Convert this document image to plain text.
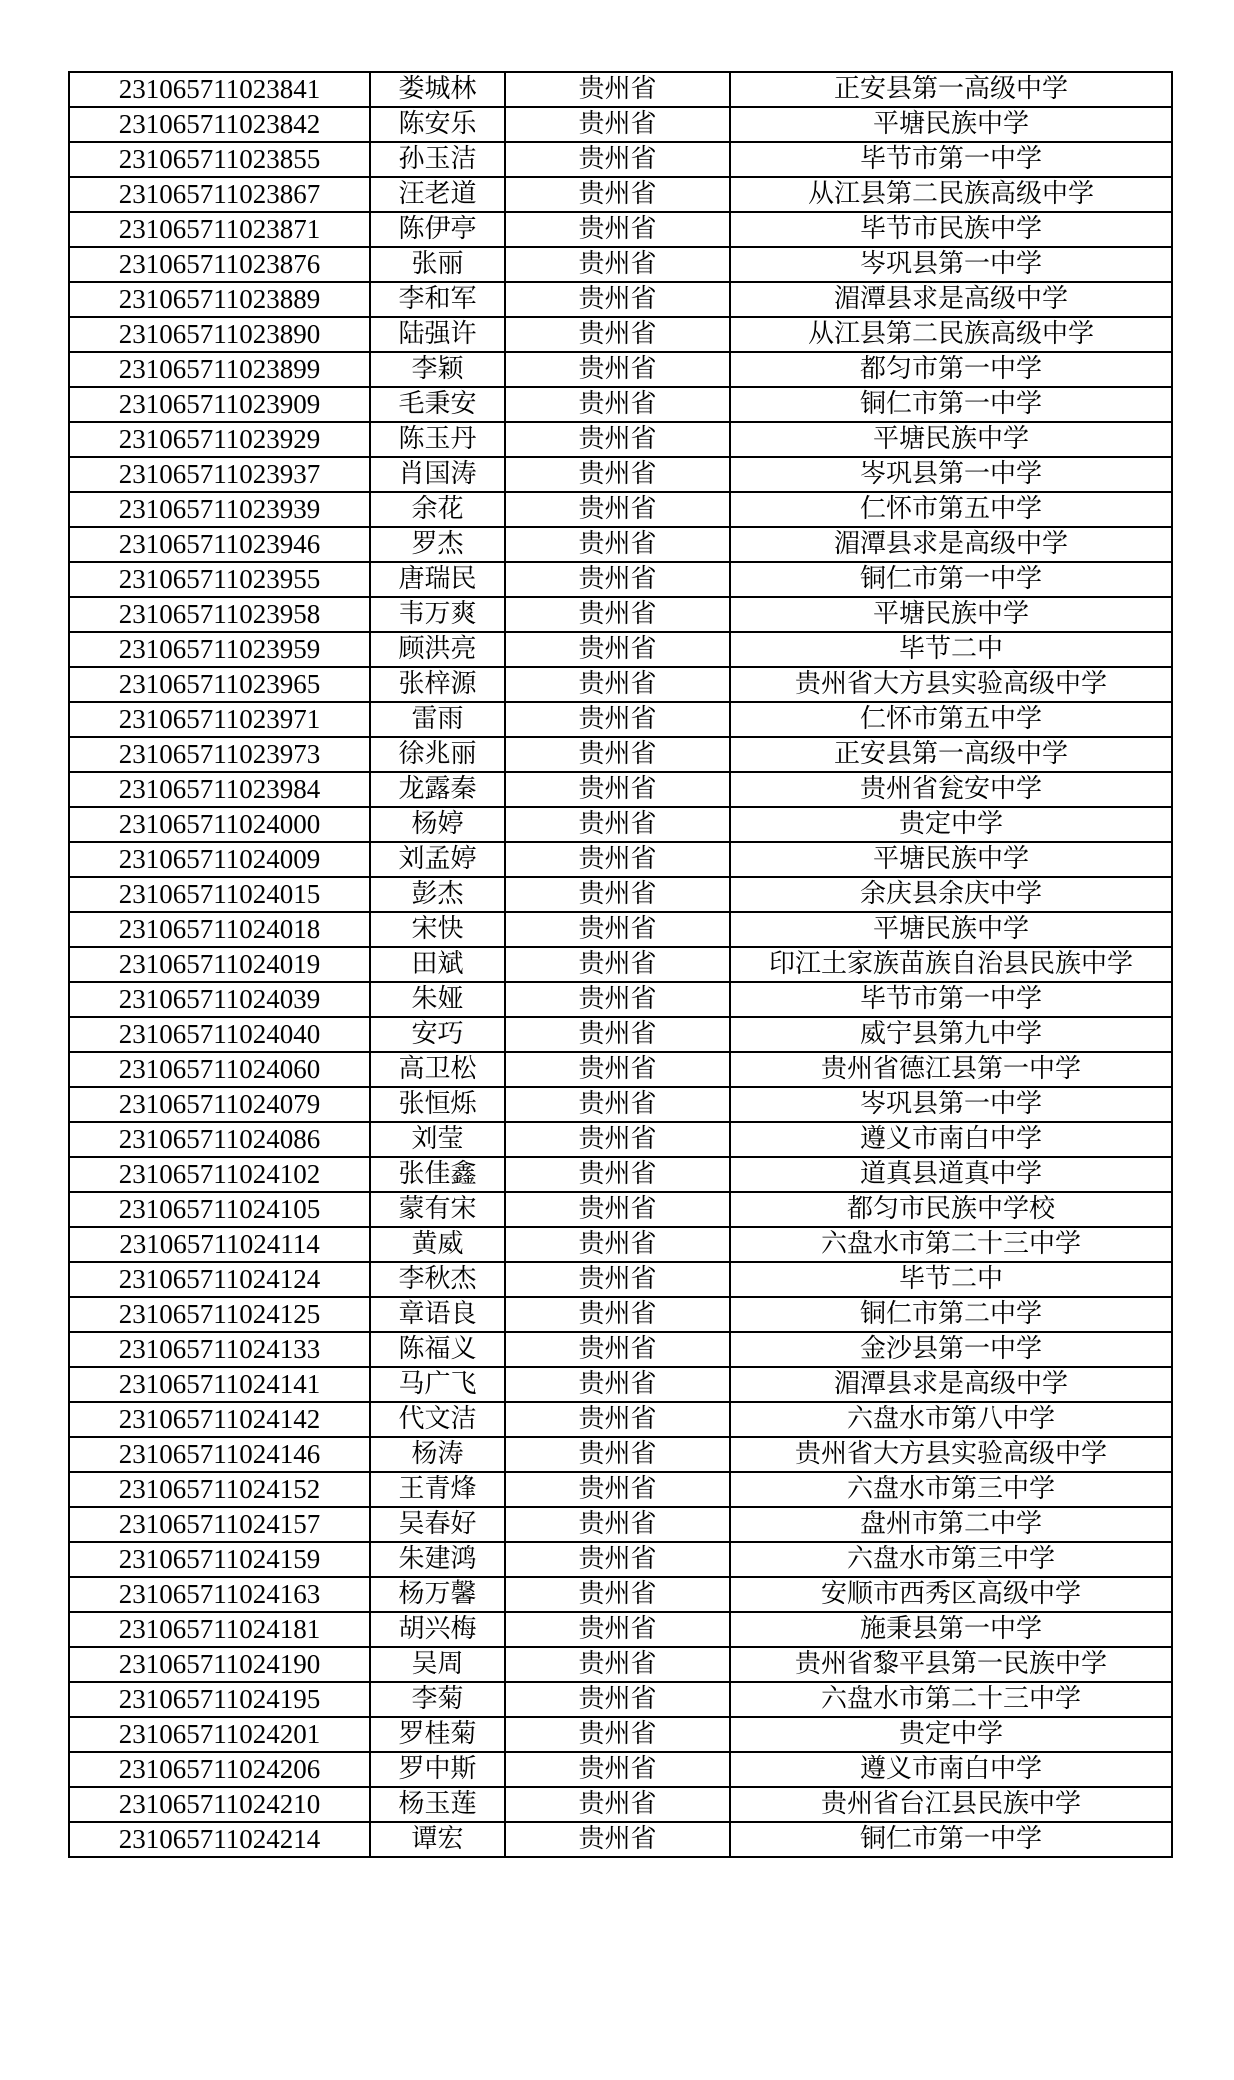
231065711023841	娄城林	贵州省	正安县第一高级中学
231065711023842	陈安乐	贵州省	平塘民族中学
231065711023855	孙玉洁	贵州省	毕节市第一中学
231065711023867	汪老道	贵州省	从江县第二民族高级中学
231065711023871	陈伊亭	贵州省	毕节市民族中学
231065711023876	张丽	贵州省	岑巩县第一中学
231065711023889	李和军	贵州省	湄潭县求是高级中学
231065711023890	陆强许	贵州省	从江县第二民族高级中学
231065711023899	李颖	贵州省	都匀市第一中学
231065711023909	毛秉安	贵州省	铜仁市第一中学
231065711023929	陈玉丹	贵州省	平塘民族中学
231065711023937	肖国涛	贵州省	岑巩县第一中学
231065711023939	余花	贵州省	仁怀市第五中学
231065711023946	罗杰	贵州省	湄潭县求是高级中学
231065711023955	唐瑞民	贵州省	铜仁市第一中学
231065711023958	韦万爽	贵州省	平塘民族中学
231065711023959	顾洪亮	贵州省	毕节二中
231065711023965	张梓源	贵州省	贵州省大方县实验高级中学
231065711023971	雷雨	贵州省	仁怀市第五中学
231065711023973	徐兆丽	贵州省	正安县第一高级中学
231065711023984	龙露秦	贵州省	贵州省瓮安中学
231065711024000	杨婷	贵州省	贵定中学
231065711024009	刘孟婷	贵州省	平塘民族中学
231065711024015	彭杰	贵州省	余庆县余庆中学
231065711024018	宋快	贵州省	平塘民族中学
231065711024019	田斌	贵州省	印江土家族苗族自治县民族中学
231065711024039	朱娅	贵州省	毕节市第一中学
231065711024040	安巧	贵州省	威宁县第九中学
231065711024060	高卫松	贵州省	贵州省德江县第一中学
231065711024079	张恒烁	贵州省	岑巩县第一中学
231065711024086	刘莹	贵州省	遵义市南白中学
231065711024102	张佳鑫	贵州省	道真县道真中学
231065711024105	蒙有宋	贵州省	都匀市民族中学校
231065711024114	黄威	贵州省	六盘水市第二十三中学
231065711024124	李秋杰	贵州省	毕节二中
231065711024125	章语良	贵州省	铜仁市第二中学
231065711024133	陈福义	贵州省	金沙县第一中学
231065711024141	马广飞	贵州省	湄潭县求是高级中学
231065711024142	代文洁	贵州省	六盘水市第八中学
231065711024146	杨涛	贵州省	贵州省大方县实验高级中学
231065711024152	王青烽	贵州省	六盘水市第三中学
231065711024157	吴春好	贵州省	盘州市第二中学
231065711024159	朱建鸿	贵州省	六盘水市第三中学
231065711024163	杨万馨	贵州省	安顺市西秀区高级中学
231065711024181	胡兴梅	贵州省	施秉县第一中学
231065711024190	吴周	贵州省	贵州省黎平县第一民族中学
231065711024195	李菊	贵州省	六盘水市第二十三中学
231065711024201	罗桂菊	贵州省	贵定中学
231065711024206	罗中斯	贵州省	遵义市南白中学
231065711024210	杨玉莲	贵州省	贵州省台江县民族中学
231065711024214	谭宏	贵州省	铜仁市第一中学
